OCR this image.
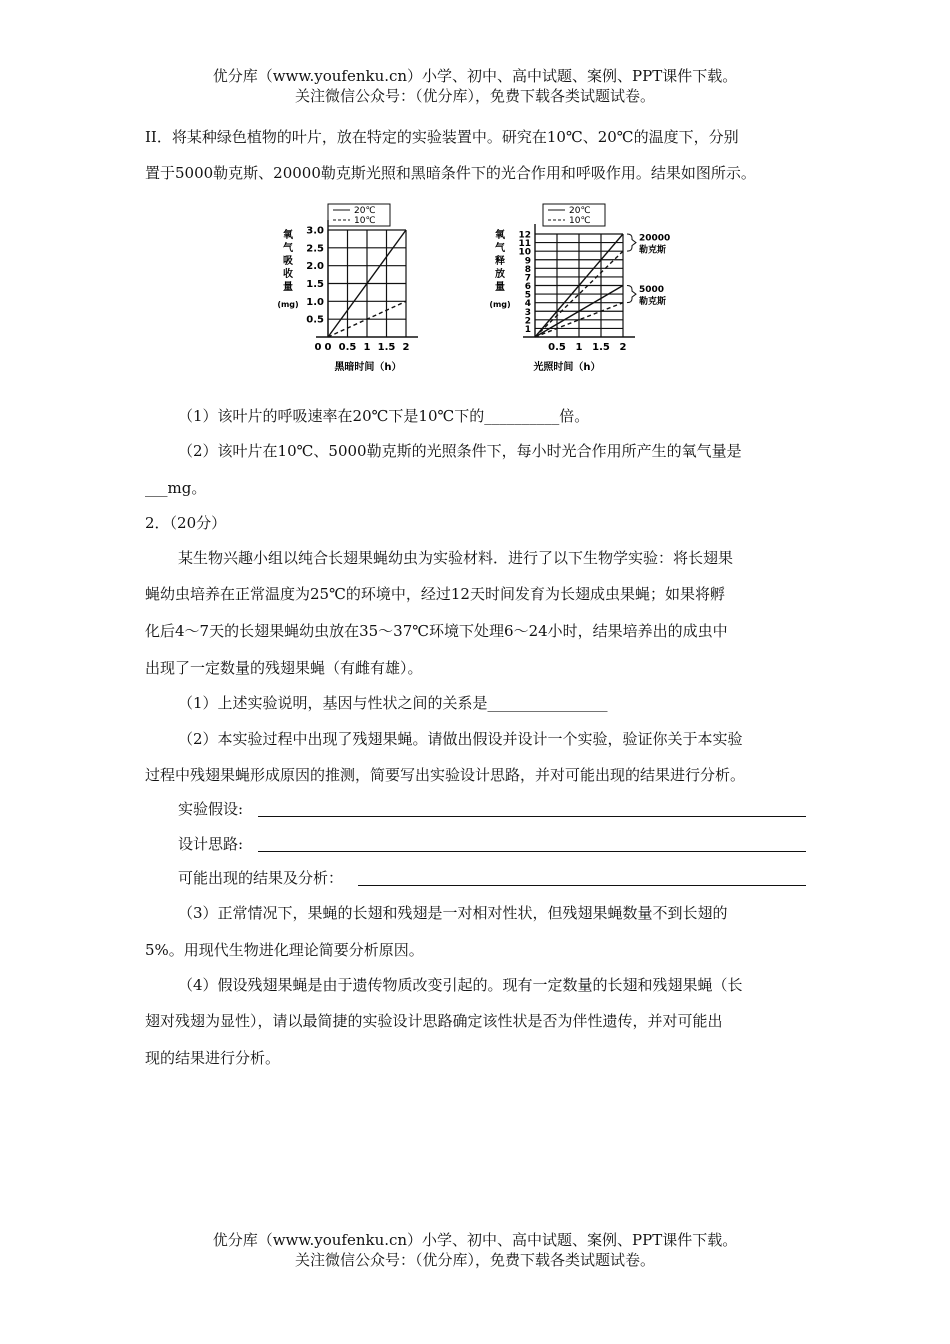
优分库（www.youfenku.cn）小学、初中、高中试题、案例、PPT课件下载。
关注微信公众号：（优分库），免费下载各类试题试卷。
II．将某种绿色植物的叶片，放在特定的实验装置中。研究在10℃、20℃的温度下，分别
置于5000勒克斯、20000勒克斯光照和黑暗条件下的光合作用和呼吸作用。结果如图所示。
20℃
10℃
0 0.5 1 1.5 2
0.5
1.0
1.5
2.0
2.5
3.0
氧
气
吸
收
量
(mg)
0
黑暗时间（h）
20℃
10℃
0.5 1 1.5 2
1
2
3
4
5
6
7
8
9
10
11
12
氧
气
释
放
量
(mg)
20000
勒克斯
5000
勒克斯
光照时间（h）
（1）该叶片的呼吸速率在20℃下是10℃下的__________倍。
（2）该叶片在10℃、5000勒克斯的光照条件下，每小时光合作用所产生的氧气量是
___mg。
2．（20分）
某生物兴趣小组以纯合长翅果蝇幼虫为实验材料．进行了以下生物学实验：将长翅果
蝇幼虫培养在正常温度为25℃的环境中，经过12天时间发育为长翅成虫果蝇；如果将孵
化后4～7天的长翅果蝇幼虫放在35～37℃环境下处理6～24小时，结果培养出的成虫中
出现了一定数量的残翅果蝇（有雌有雄）。
（1）上述实验说明，基因与性状之间的关系是________________
（2）本实验过程中出现了残翅果蝇。请做出假设并设计一个实验，验证你关于本实验
过程中残翅果蝇形成原因的推测，简要写出实验设计思路，并对可能出现的结果进行分析。
实验假设:
设计思路:
可能出现的结果及分析：
（3）正常情况下，果蝇的长翅和残翅是一对相对性状，但残翅果蝇数量不到长翅的
5%。用现代生物进化理论简要分析原因。
（4）假设残翅果蝇是由于遗传物质改变引起的。现有一定数量的长翅和残翅果蝇（长
翅对残翅为显性），请以最简捷的实验设计思路确定该性状是否为伴性遗传，并对可能出
现的结果进行分析。
优分库（www.youfenku.cn）小学、初中、高中试题、案例、PPT课件下载。
关注微信公众号：（优分库），免费下载各类试题试卷。
